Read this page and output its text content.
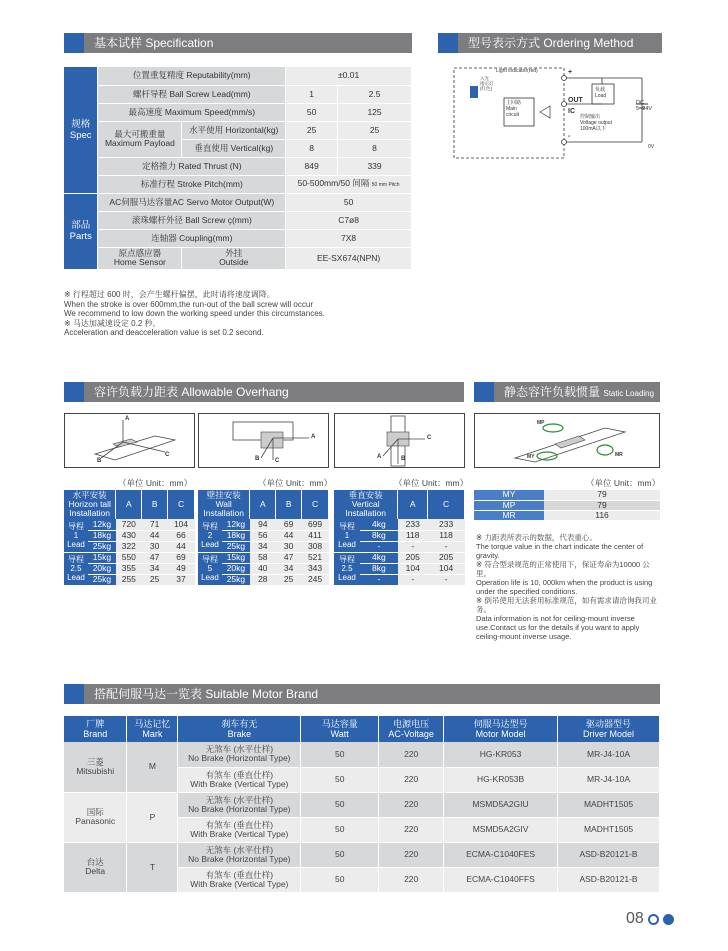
基本试样 Specification	型号表示方式 Ordering Method
规格
Spec	位置重复精度 Reputability(mm)		±0.01	
	螺杆导程 Ball Screw Lead(mm)		1	2.5
	最高速度 Maximum Speed(mm/s)		50	125
	最大可搬重量
Maximum Payload	水平使用 Horizontal(kg)	25	25
		垂直使用 Vertical(kg)	8	8
	定格推力 Rated Thrust (N)		849	339
	标准行程 Stroke Pitch(mm)		50-500mm/50 间隔 50 mm Pitch	
部品
Parts	AC伺服马达容量AC Servo Motor Output(W)		50	
	滚珠螺杆外径 Ball Screw ç(mm)		C7ø8	
	连轴器 Coupling(mm)		7X8	
	原点感应器
Home Sensor	外挂
Outside	EE-SX674(NPN)	
※ 行程超过 600 时，会产生螺杆偏摆，此时请将速度调降。
When the stroke is over 600mm,the run-out of the ball screw will occur
We recommend to low down the working speed under this circumstances.
※ 马达加减速设定 0.2 秒。
Acceleration and deacceleration value is set 0.2 second.
Light indicator(red)
入光
指示灯
(红色)
主回路
Main
circuit
负载
Load
OUT
IC
+
-
0V
DC
5~24V
控制输出
Voltage output
100mA以下
容许负载力距表 Allowable Overhang	静态容许负载惯量 Static Loading
A
B
C
A
B	C
C
A	B
MP
MY	MR
（单位 Unit：mm）	（单位 Unit：mm）	（单位 Unit：mm）	（单位 Unit：mm）
水平安装
Horizon tall
Installation		A	B	C
导程
1
Lead	12kg	720	71	104
	18kg	430	44	66
	25kg	322	30	44
导程
2.5
Lead	15kg	550	47	69
	20kg	355	34	49
	25kg	255	25	37
壁挂安装
Wall
Installation		A	B	C
导程
2
Lead	12kg	94	69	699
	18kg	56	44	411
	25kg	34	30	308
导程
5
Lead	15kg	58	47	521
	20kg	40	34	343
	25kg	28	25	245
垂直安装
Vertical
Installation		A	C
导程
1
Lead	4kg	233	233
	8kg	118	118
	-	-	-
导程
2.5
Lead	4kg	205	205
	8kg	104	104
	-	-	-
MY	79
MP	79
MR	116
※ 力距表所表示的数据，代表重心。
The torque value in the chart indicate the center of gravity.
※ 符合型录规范的正常使用下，保证寿命为10000 公里。
Operation life is 10, 000km when the product is using under the specified conditions.
※ 倒吊使用无法套用标准规范，如有需求请洽询我司业务。
Data information is not for ceiling-mount inverse use.Contact us for the details if you want to apply ceiling-mount inverse usage.
搭配伺服马达一览表 Suitable Motor Brand
厂牌
Brand	马达记忆
Mark	刹车有无
Brake	马达容量
Watt	电源电压
AC-Voltage	伺服马达型号
Motor Model	驱动器型号
Driver Model
三菱
Mitsubishi	M	无煞车 (水平仕样)
No Brake (Horizontal Type)	50	220	HG-KR053	MR-J4-10A
		有煞车 (垂直仕样)
With Brake (Vertical Type)	50	220	HG-KR053B	MR-J4-10A
国际
Panasonic	P	无煞车 (水平仕样)
No Brake (Horizontal Type)	50	220	MSMD5A2GIU	MADHT1505
		有煞车 (垂直仕样)
With Brake (Vertical Type)	50	220	MSMD5A2GIV	MADHT1505
台达
Delta	T	无煞车 (水平仕样)
No Brake (Horizontal Type)	50	220	ECMA-C1040FES	ASD-B20121-B
		有煞车 (垂直仕样)
With Brake (Vertical Type)	50	220	ECMA-C1040FFS	ASD-B20121-B
08
